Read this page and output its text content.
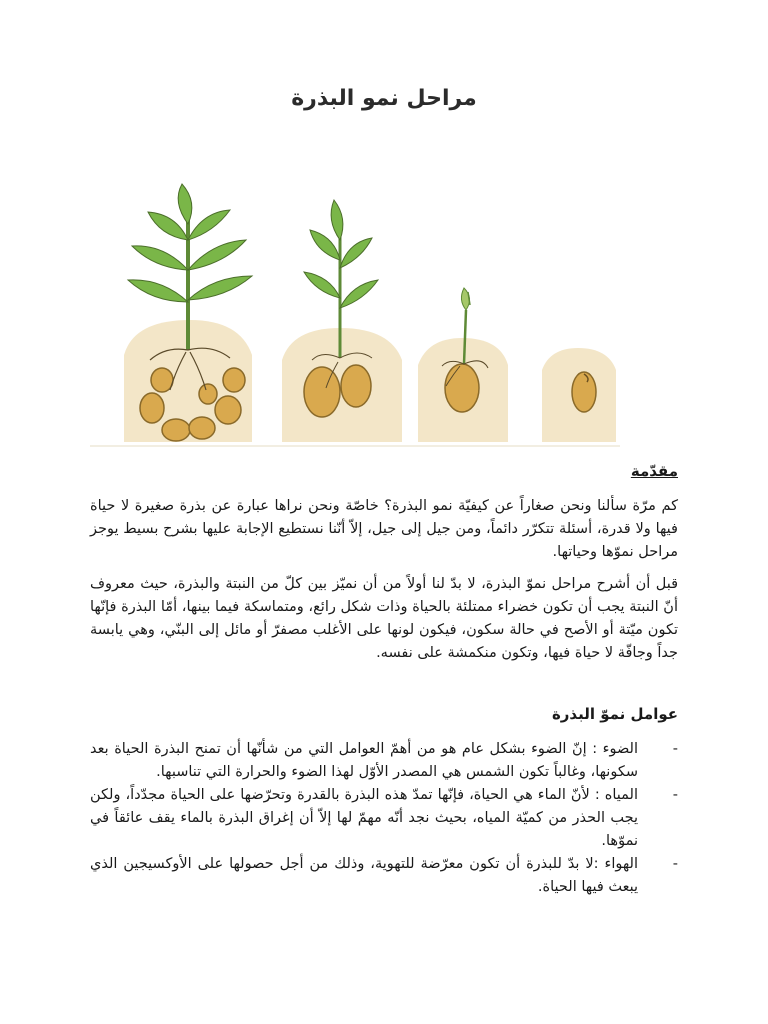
مراحل نمو البذرة
مقدّمة

كم مرّة سألنا ونحن صغاراً عن كيفيّة نمو البذرة؟ خاصّة ونحن نراها عبارة عن بذرة صغيرة لا حياة فيها ولا قدرة، أسئلة تتكرّر دائماً، ومن جيل إلى جيل، إلاّ أنّنا نستطيع الإجابة عليها بشرح بسيط يوجز مراحل نموّها وحياتها.

قبل أن أشرح مراحل نموّ البذرة، لا بدّ لنا أولاً من أن نميّز بين كلّ من النبتة والبذرة، حيث معروف أنّ النبتة يجب أن تكون خضراء ممتلئة بالحياة وذات شكل رائع، ومتماسكة فيما بينها، أمّا البذرة فإنّها تكون ميّتة أو الأصح في حالة سكون، فيكون لونها على الأغلب مصفرّ أو مائل إلى البنّي، وهي يابسة جداً وجافّة لا حياة فيها، وتكون منكمشة على نفسه.

عوامل نموّ البذرة
-
الضوء : إنّ الضوء بشكل عام هو من أهمّ العوامل التي من شأنّها أن تمنح البذرة الحياة بعد سكونها، وغالباً تكون الشمس هي المصدر الأوّل لهذا الضوء والحرارة التي تناسبها.
-
المياه : لأنّ الماء هي الحياة، فإنّها تمدّ هذه البذرة بالقدرة وتحرّضها على الحياة مجدّداً، ولكن يجب الحذر من كميّة المياه، بحيث نجد أنّه مهمّ لها إلاّ أن إغراق البذرة بالماء يقف عائقاً في نموّها.
-
الهواء :لا بدّ للبذرة أن تكون معرّضة للتهوية، وذلك من أجل حصولها على الأوكسيجين الذي يبعث فيها الحياة.
